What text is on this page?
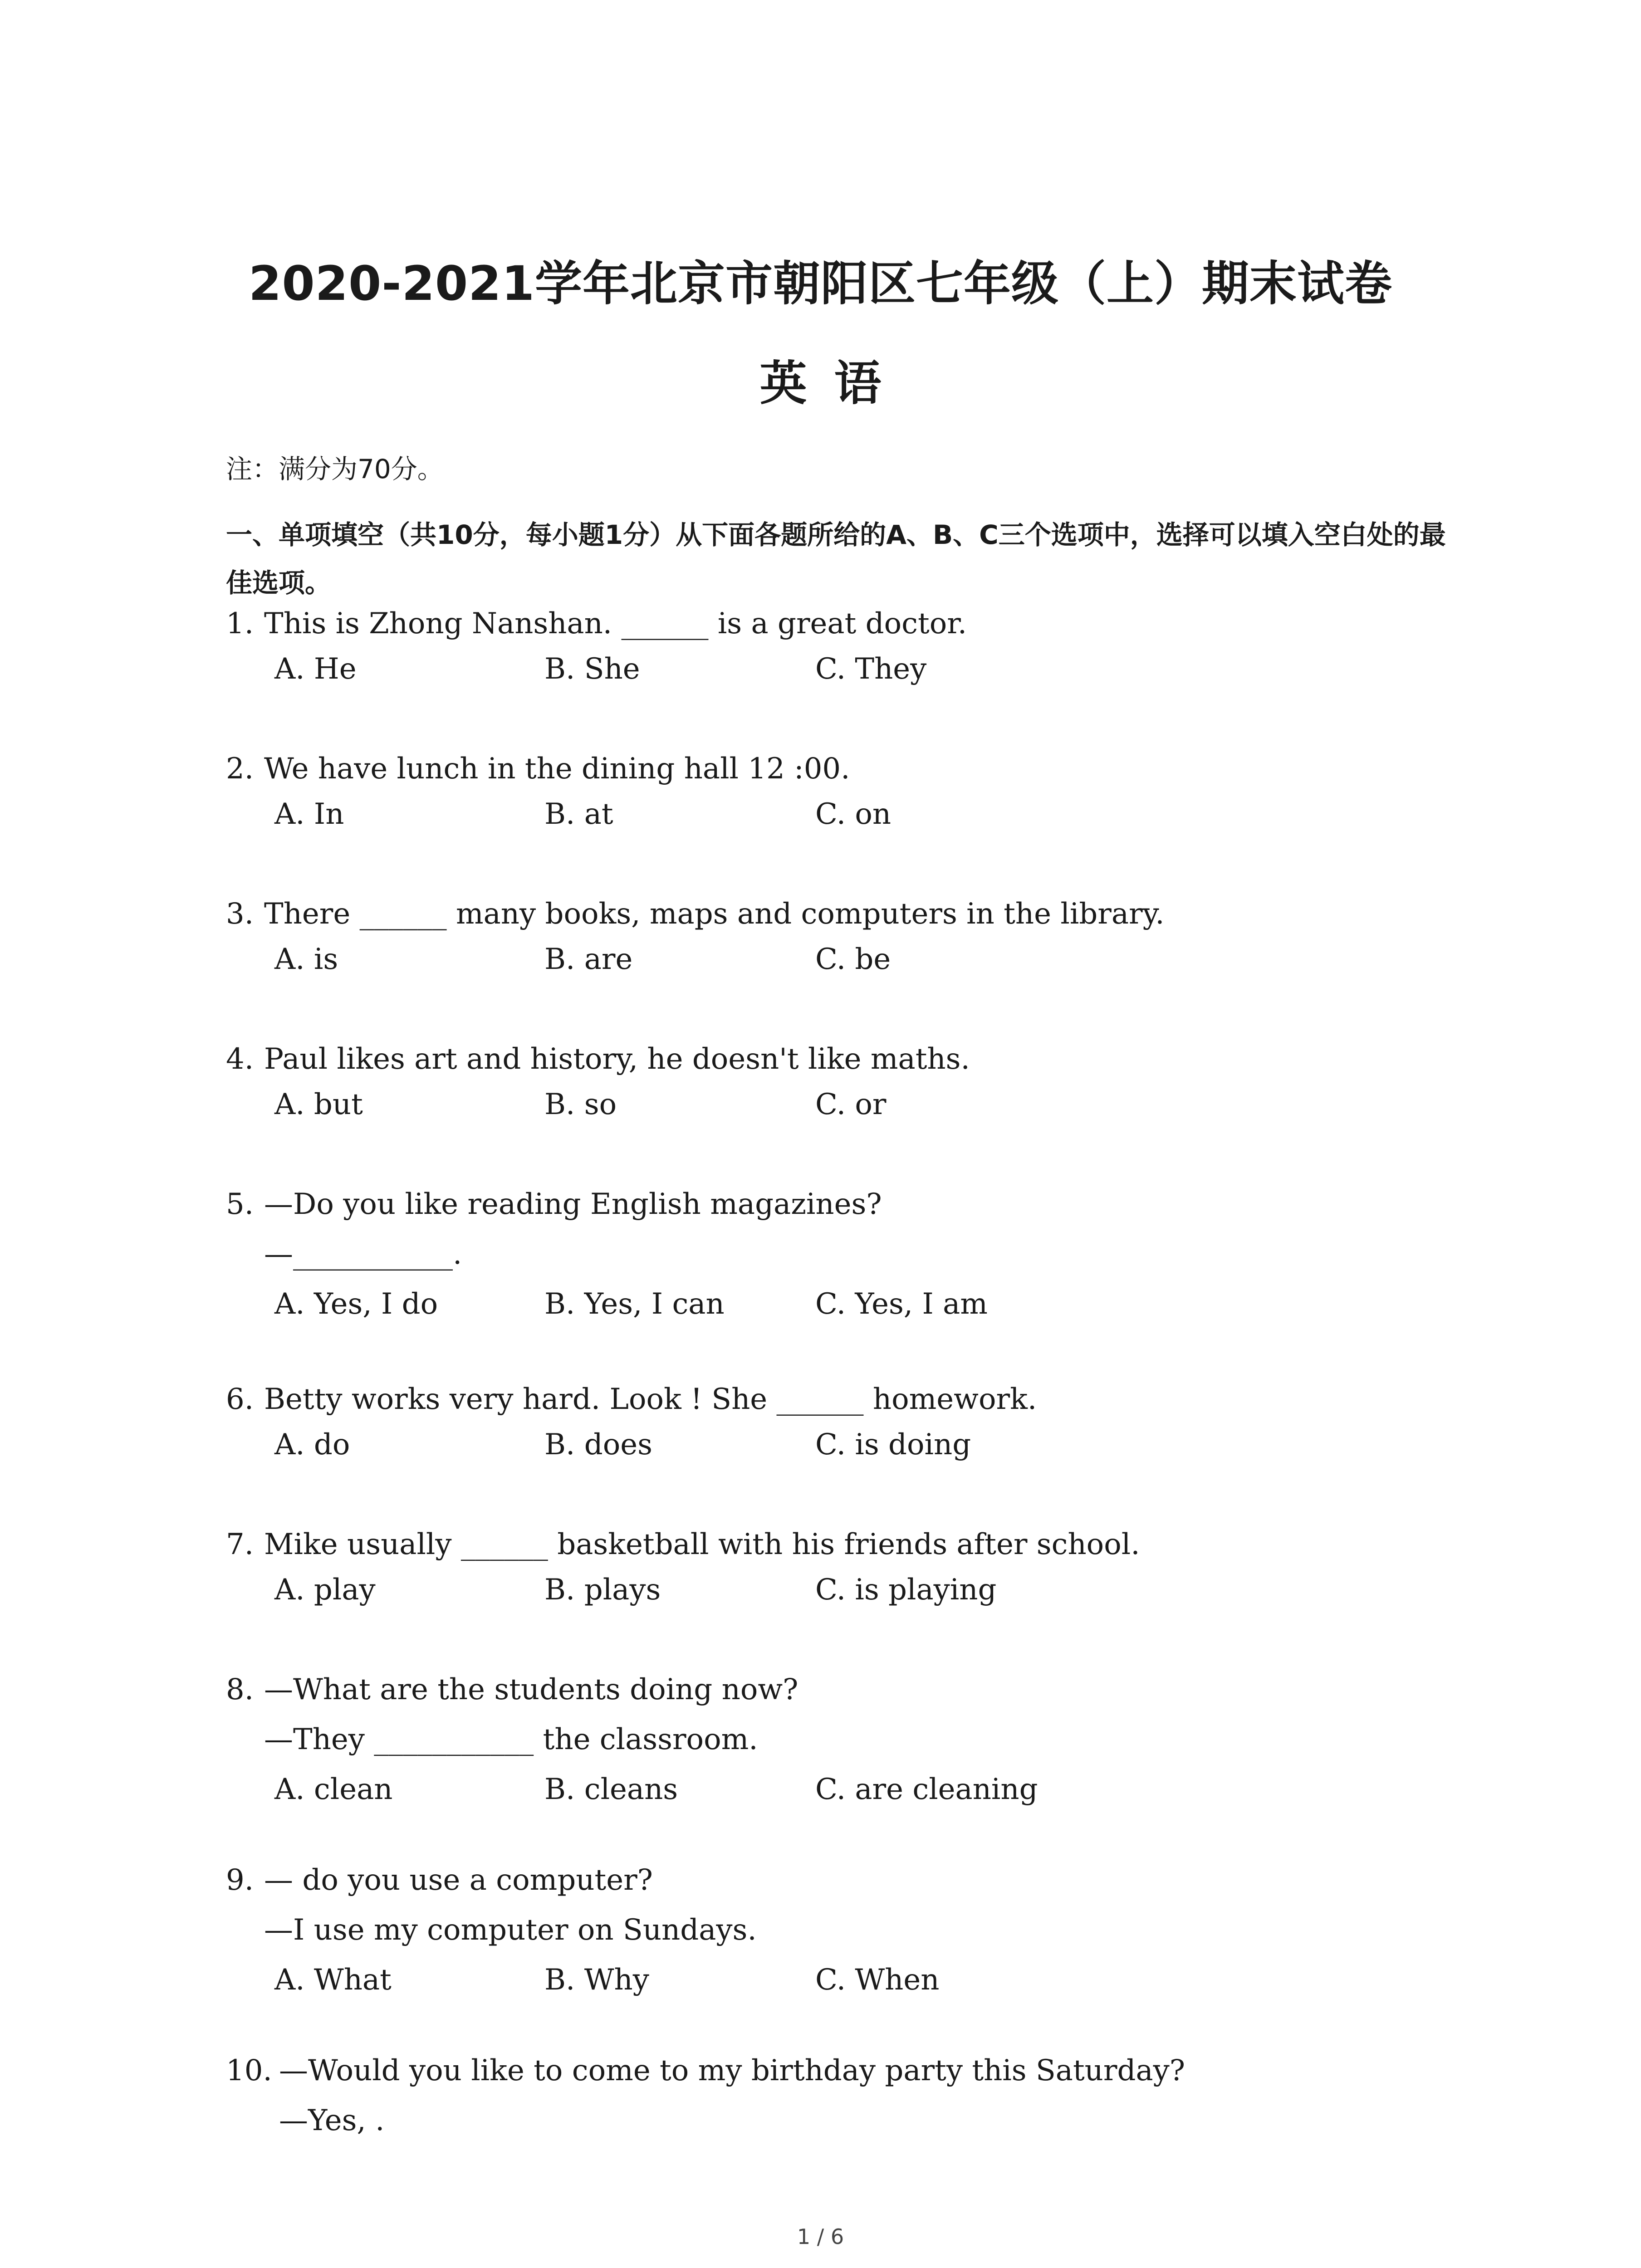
2020-2021学年北京市朝阳区七年级（上）期末试卷
英语
注：满分为70分。

一、单项填空（共10分，每小题1分）从下面各题所给的A、B、C三个选项中，选择可以填入空白处的最佳选项。

1. This is Zhong Nanshan. ______ is a great doctor.
A. He	B. She	C. They
2. We have lunch in the dining hall 12 :00.
A. In	B. at	C. on
3. There ______ many books, maps and computers in the library.
A. is	B. are	C. be
4. Paul likes art and history, he doesn't like maths.
A. but	B. so	C. or
5. —Do you like reading English magazines?
—___________.
A. Yes, I do	B. Yes, I can	C. Yes, I am
6. Betty works very hard. Look ! She ______ homework.
A. do	B. does	C. is doing
7. Mike usually ______ basketball with his friends after school.
A. play	B. plays	C. is playing
8. —What are the students doing now?
—They ___________ the classroom.
A. clean	B. cleans	C. are cleaning
9. — do you use a computer?
—I use my computer on Sundays.
A. What	B. Why	C. When
10. —Would you like to come to my birthday party this Saturday?
—Yes, .
1 / 6
